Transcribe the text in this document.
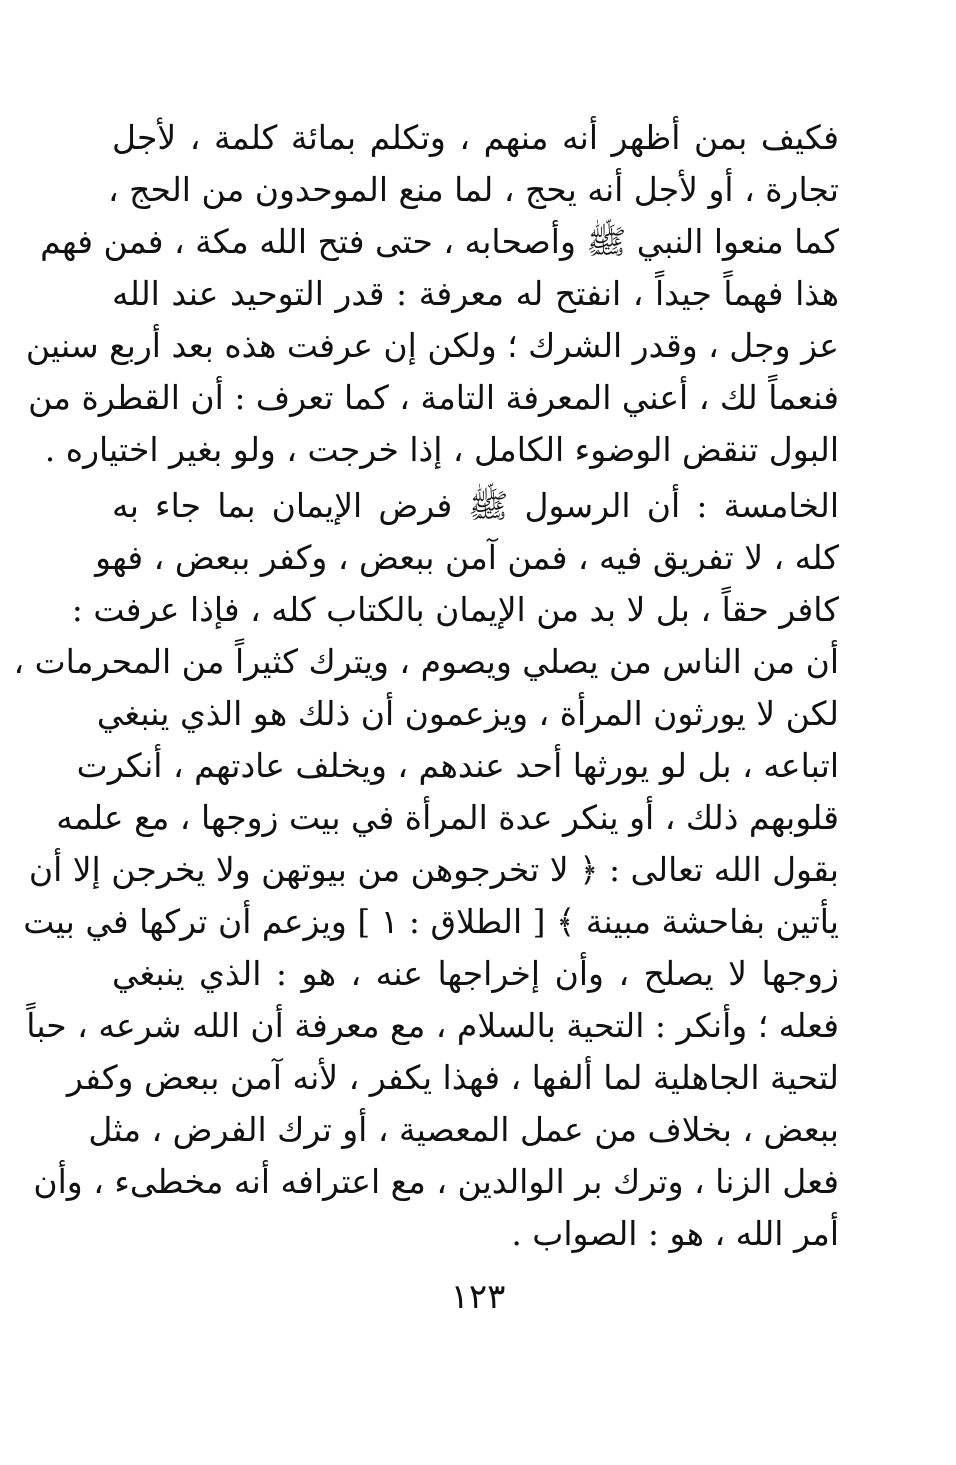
فكيف بمن أظهر أنه منهم ، وتكلم بمائة كلمة ، لأجل
تجارة ، أو لأجل أنه يحج ، لما منع الموحدون من الحج ،
كما منعوا النبي ﷺ وأصحابه ، حتى فتح الله مكة ، فمن فهم
هذا فهماً جيداً ، انفتح له معرفة : قدر التوحيد عند الله
عز وجل ، وقدر الشرك ؛ ولكن إن عرفت هذه بعد أربع سنين
فنعماً لك ، أعني المعرفة التامة ، كما تعرف : أن القطرة من
البول تنقض الوضوء الكامل ، إذا خرجت ، ولو بغير اختياره .
الخامسة : أن الرسول ﷺ فرض الإيمان بما جاء به
كله ، لا تفريق فيه ، فمن آمن ببعض ، وكفر ببعض ، فهو
كافر حقاً ، بل لا بد من الإيمان بالكتاب كله ، فإذا عرفت :
أن من الناس من يصلي ويصوم ، ويترك كثيراً من المحرمات ،
لكن لا يورثون المرأة ، ويزعمون أن ذلك هو الذي ينبغي
اتباعه ، بل لو يورثها أحد عندهم ، ويخلف عادتهم ، أنكرت
قلوبهم ذلك ، أو ينكر عدة المرأة في بيت زوجها ، مع علمه
بقول الله تعالى : ﴿ لا تخرجوهن من بيوتهن ولا يخرجن إلا أن
يأتين بفاحشة مبينة ﴾ [ الطلاق : ١ ] ويزعم أن تركها في بيت
زوجها لا يصلح ، وأن إخراجها عنه ، هو : الذي ينبغي
فعله ؛ وأنكر : التحية بالسلام ، مع معرفة أن الله شرعه ، حباً
لتحية الجاهلية لما ألفها ، فهذا يكفر ، لأنه آمن ببعض وكفر
ببعض ، بخلاف من عمل المعصية ، أو ترك الفرض ، مثل
فعل الزنا ، وترك بر الوالدين ، مع اعترافه أنه مخطىء ، وأن
أمر الله ، هو : الصواب .
١٢٣
